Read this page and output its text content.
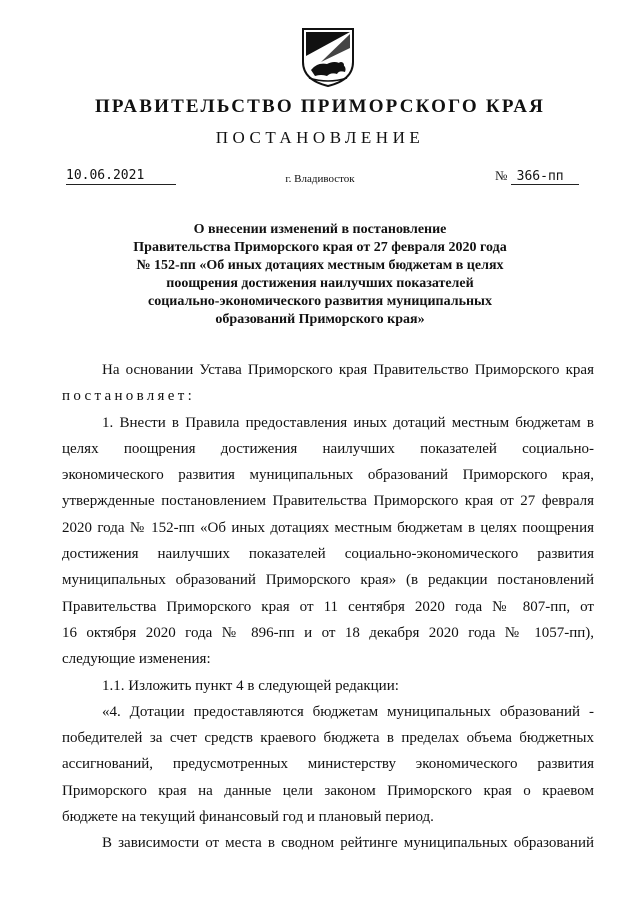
ПРАВИТЕЛЬСТВО ПРИМОРСКОГО КРАЯ
ПОСТАНОВЛЕНИЕ
10.06.2021	г. Владивосток	№ 366-пп
О внесении изменений в постановление
Правительства Приморского края от 27 февраля 2020 года
№ 152-пп «Об иных дотациях местным бюджетам в целях
поощрения достижения наилучших показателей
социально-экономического развития муниципальных
образований Приморского края»
На основании Устава Приморского края Правительство Приморского края
постановляет:
1. Внести в Правила предоставления иных дотаций местным бюджетам в
целях поощрения достижения наилучших показателей социально-
экономического развития муниципальных образований Приморского края,
утвержденные постановлением Правительства Приморского края от 27 февраля
2020 года № 152-пп «Об иных дотациях местным бюджетам в целях поощрения
достижения наилучших показателей социально-экономического развития
муниципальных образований Приморского края» (в редакции постановлений
Правительства Приморского края от 11 сентября 2020 года № 807-пп, от
16 октября 2020 года № 896-пп и от 18 декабря 2020 года № 1057-пп),
следующие изменения:
1.1. Изложить пункт 4 в следующей редакции:
«4. Дотации предоставляются бюджетам муниципальных образований -
победителей за счет средств краевого бюджета в пределах объема бюджетных
ассигнований, предусмотренных министерству экономического развития
Приморского края на данные цели законом Приморского края о краевом
бюджете на текущий финансовый год и плановый период.
В зависимости от места в сводном рейтинге муниципальных образований
